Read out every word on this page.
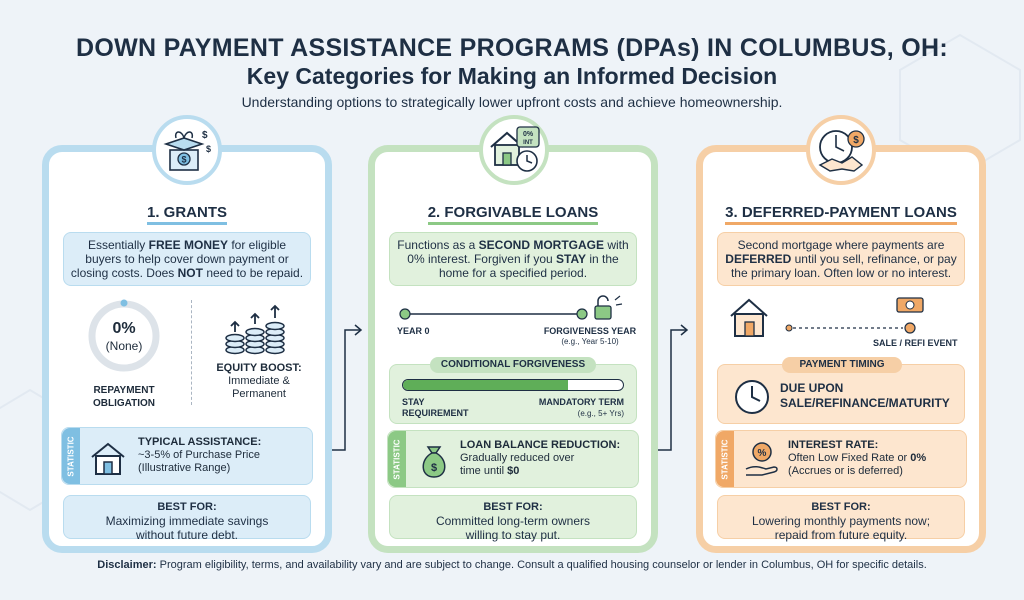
DOWN PAYMENT ASSISTANCE PROGRAMS (DPAs) IN COLUMBUS, OH:
Key Categories for Making an Informed Decision
Understanding options to strategically lower upfront costs and achieve homeownership.
1. GRANTS
Essentially FREE MONEY for eligible buyers to help cover down payment or closing costs. Does NOT need to be repaid.
0%
(None)
REPAYMENT
OBLIGATION
EQUITY BOOST:
Immediate &
Permanent
STATISTIC	TYPICAL ASSISTANCE:
~3-5% of Purchase Price
(Illustrative Range)
BEST FOR:
Maximizing immediate savings
without future debt.
2. FORGIVABLE LOANS
Functions as a SECOND MORTGAGE with 0% interest. Forgiven if you STAY in the home for a specified period.
YEAR 0	FORGIVENESS YEAR
(e.g., Year 5-10)
CONDITIONAL FORGIVENESS
STAY
REQUIREMENT
MANDATORY TERM
(e.g., 5+ Yrs)
STATISTIC	$
LOAN BALANCE REDUCTION:
Gradually reduced over
time until $0
BEST FOR:
Committed long-term owners
willing to stay put.
3. DEFERRED-PAYMENT LOANS
Second mortgage where payments are DEFERRED until you sell, refinance, or pay the primary loan. Often low or no interest.
SALE / REFI EVENT
PAYMENT TIMING
DUE UPON
SALE/REFINANCE/MATURITY
STATISTIC	%
INTEREST RATE:
Often Low Fixed Rate or 0%
(Accrues or is deferred)
BEST FOR:
Lowering monthly payments now;
repaid from future equity.
$
$
$
0%
INT	$
Disclaimer: Program eligibility, terms, and availability vary and are subject to change. Consult a qualified housing counselor or lender in Columbus, OH for specific details.
